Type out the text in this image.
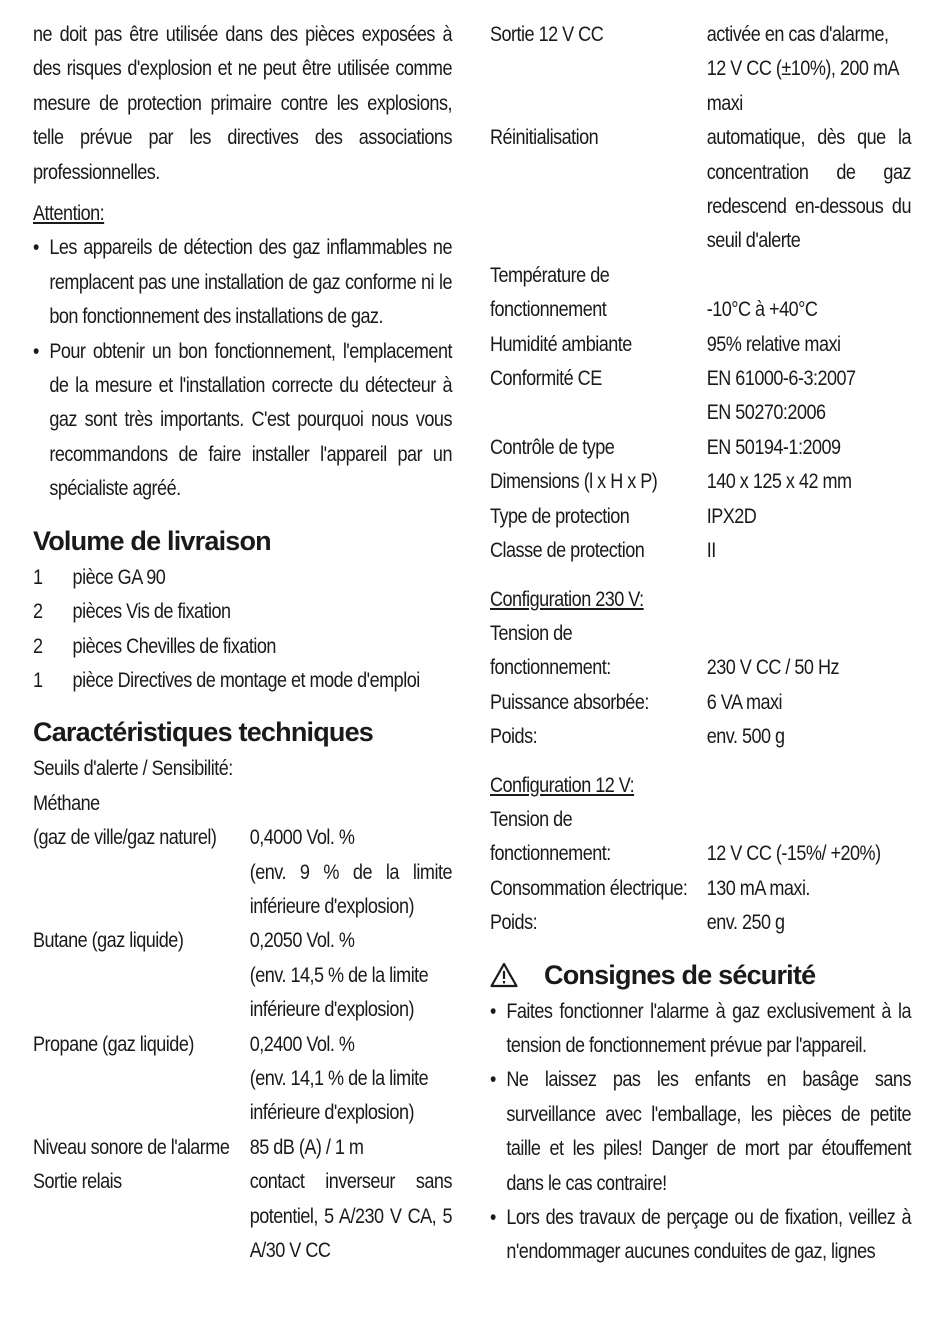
ne doit pas être utilisée dans des pièces exposées à des risques d'explosion et ne peut être utilisée comme mesure de protection primaire contre les explosions, telle prévue par les directives des associations professionnelles.

Attention:

• Les appareils de détection des gaz inflammables ne remplacent pas une installation de gaz conforme ni le bon fonctionnement des installations de gaz.
• Pour obtenir un bon fonctionnement, l'emplacement de la mesure et l'installation correcte du détecteur à gaz sont très importants. C'est pourquoi nous vous recommandons de faire installer l'appareil par un spécialiste agréé.
Volume de livraison
1	pièce GA 90
2	pièces Vis de fixation
2	pièces Chevilles de fixation
1	pièce Directives de montage et mode d'emploi
Caractéristiques techniques

Seuils d'alerte / Sensibilité:

Méthane

(gaz de ville/gaz naturel)	0,4000 Vol. %
(env. 9 % de la limite inférieure d'explosion)
Butane (gaz liquide)	0,2050 Vol. %
(env. 14,5 % de la limite inférieure d'explosion)
Propane (gaz liquide)	0,2400 Vol. %
(env. 14,1 % de la limite inférieure d'explosion)
Niveau sonore de l'alarme 85 dB (A) / 1 m
Sortie relais	contact inverseur sans potentiel, 5 A/230 V CA, 5 A/30 V CC
Sortie 12 V CC	activée en cas d'alarme, 12 V CC (±10%), 200 mA maxi
Réinitialisation	automatique, dès que la concentration de gaz redescend en-dessous du seuil d'alerte
Température de
fonctionnement	-10°C à +40°C
Humidité ambiante	95% relative maxi
Conformité CE	EN 61000-6-3:2007
EN 50270:2006
Contrôle de type	EN 50194-1:2009
Dimensions (l x H x P)	140 x 125 x 42 mm
Type de protection	IPX2D
Classe de protection	II

Configuration 230 V:

Tension de
fonctionnement:	230 V CC / 50 Hz
Puissance absorbée:	6 VA maxi
Poids:	env. 500 g

Configuration 12 V:

Tension de
fonctionnement:	12 V CC (-15%/ +20%)
Consommation électrique: 130 mA maxi.
Poids:	env. 250 g
Consignes de sécurité
• Faites fonctionner l'alarme à gaz exclusivement à la tension de fonctionnement prévue par l'appareil.
• Ne laissez pas les enfants en basâge sans surveillance avec l'emballage, les pièces de petite taille et les piles! Danger de mort par étouffement dans le cas contraire!
• Lors des travaux de perçage ou de fixation, veillez à n'endommager aucunes conduites de gaz, lignes
